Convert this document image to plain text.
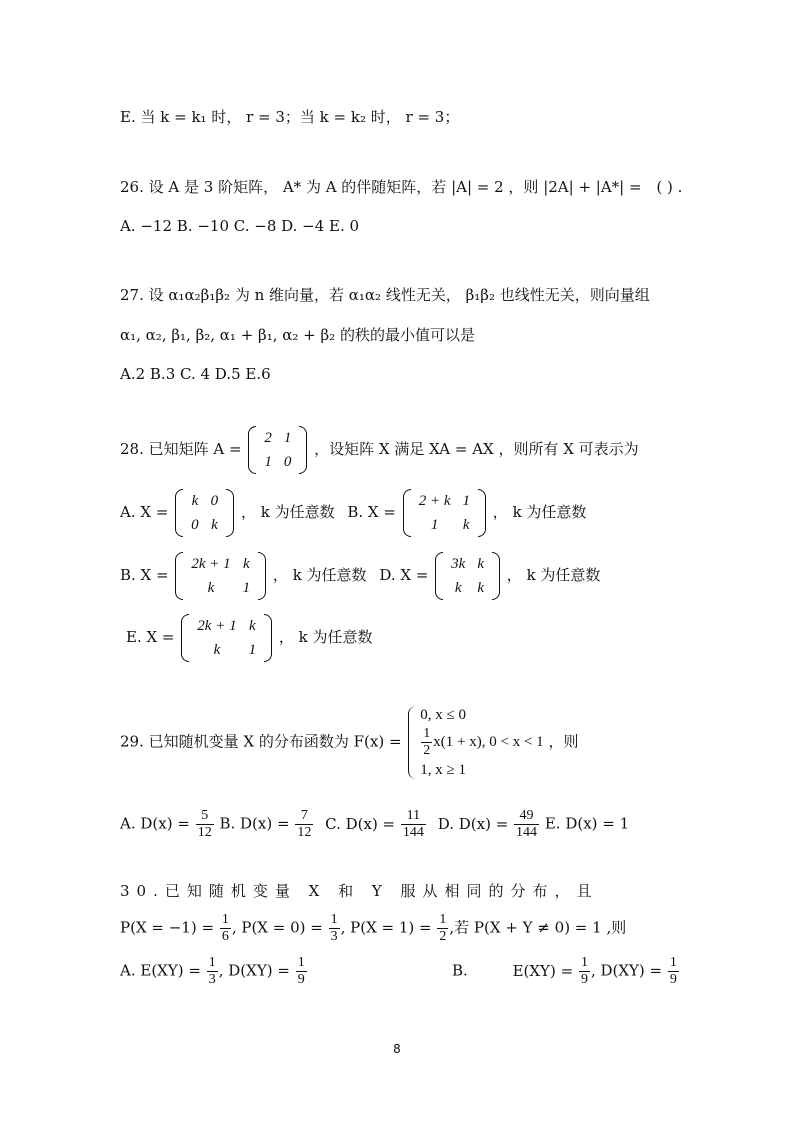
E. 当 k = k₁ 时， r = 3；当 k = k₂ 时， r = 3；
26. 设 A 是 3 阶矩阵， A* 为 A 的伴随矩阵，若 |A| = 2 ，则 |2A| + |A*| = ( ) .
A. −12 B. −10 C. −8 D. −4 E. 0
27. 设 α₁α₂β₁β₂ 为 n 维向量，若 α₁α₂ 线性无关， β₁β₂ 也线性无关，则向量组
α₁, α₂, β₁, β₂, α₁ + β₁, α₂ + β₂ 的秩的最小值可以是
A.2 B.3 C. 4 D.5 E.6
28. 已知矩阵 A =
2	1
1	0
，设矩阵 X 满足 XA = AX ，则所有 X 可表示为
A. X =
k	0
0	k
， k 为任意数 B. X =
2 + k	1
1	k
， k 为任意数
B. X =
2k + 1	k
k	1
， k 为任意数 D. X =
3k	k
k	k
， k 为任意数
E. X =
2k + 1	k
k	1
， k 为任意数
29. 已知随机变量 X 的分布函数为 F(x) =
0, x ≤ 0
$\frac{1}{2} x(1 + x)$, 0 < x < 1
1, x ≥ 1
，则
A. $D(x) = \frac{5}{12} B$. $D(x) = \frac{7}{12} C$. $D(x) = \frac{11}{144} D$. $D(x) = \frac{49}{144} E$. D(x) = 1
30.已知随机变量 X 和 Y 服从相同的分布，且
$P(X = -1) = \frac{1}{6}$ , $P(X = 0) = \frac{1}{3}$ , $P(X = 1) = \frac{1}{2}$ ,若 P(X + Y ≠ 0) = 1 ,则
A. $E(XY) = \frac{1}{3}$ , $D(XY) = \frac{1}{9}$	B.	$E(XY) = \frac{1}{9}$ , $D(XY) = \frac{1}{9}$
8
